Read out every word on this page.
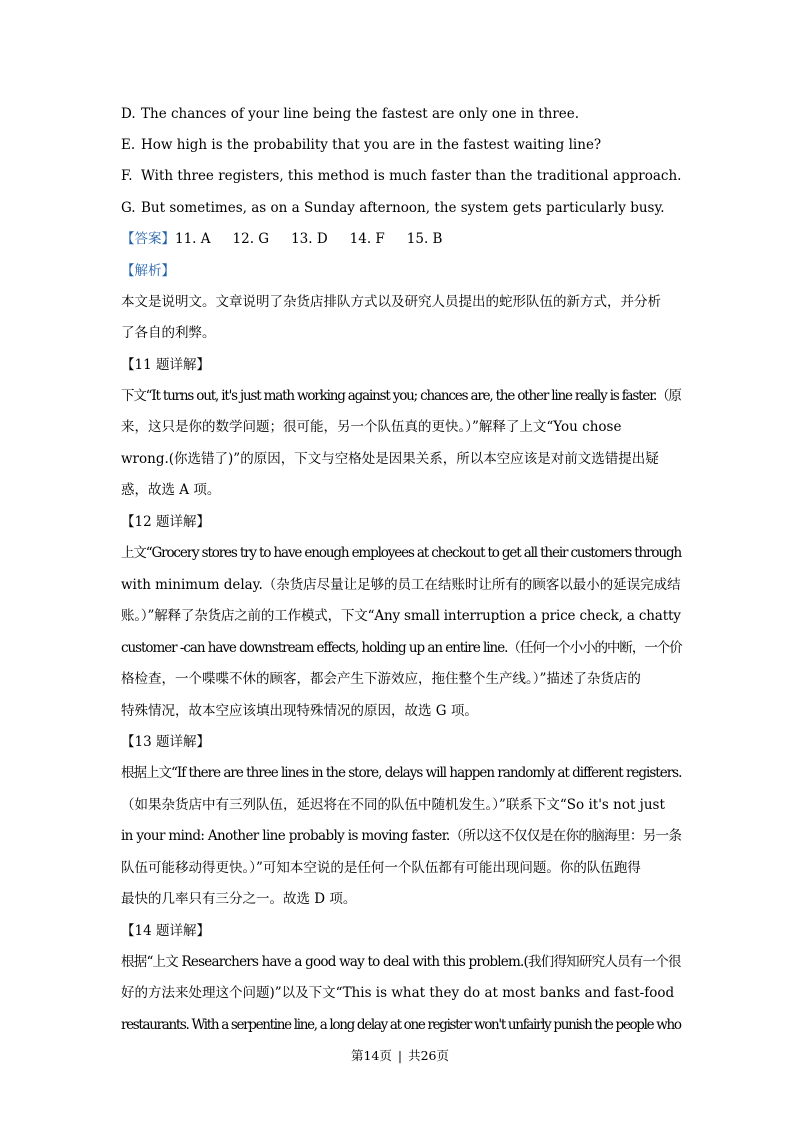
D. The chances of your line being the fastest are only one in three.
E. How high is the probability that you are in the fastest waiting line?
F. With three registers, this method is much faster than the traditional approach.
G. But sometimes, as on a Sunday afternoon, the system gets particularly busy.
【答案】11. A 12. G 13. D 14. F 15. B
【解析】
本文是说明文。文章说明了杂货店排队方式以及研究人员提出的蛇形队伍的新方式，并分析
了各自的利弊。
【11 题详解】
下文“It turns out, it's just math working against you; chances are, the other line really is faster.（原
来，这只是你的数学问题；很可能，另一个队伍真的更快。）”解释了上文“You chose
wrong.(你选错了)”的原因，下文与空格处是因果关系，所以本空应该是对前文选错提出疑
惑，故选 A 项。
【12 题详解】
上文“Grocery stores try to have enough employees at checkout to get all their customers through
with minimum delay.（杂货店尽量让足够的员工在结账时让所有的顾客以最小的延误完成结
账。）”解释了杂货店之前的工作模式，下文“Any small interruption a price check, a chatty
customer -can have downstream effects, holding up an entire line.（任何一个小小的中断，一个价
格检查，一个喋喋不休的顾客，都会产生下游效应，拖住整个生产线。）”描述了杂货店的
特殊情况，故本空应该填出现特殊情况的原因，故选 G 项。
【13 题详解】
根据上文“If there are three lines in the store, delays will happen randomly at different registers.
（如果杂货店中有三列队伍，延迟将在不同的队伍中随机发生。）”联系下文“So it's not just
in your mind: Another line probably is moving faster.（所以这不仅仅是在你的脑海里：另一条
队伍可能移动得更快。）”可知本空说的是任何一个队伍都有可能出现问题。你的队伍跑得
最快的几率只有三分之一。故选 D 项。
【14 题详解】
根据“上文 Researchers have a good way to deal with this problem.(我们得知研究人员有一个很
好的方法来处理这个问题)”以及下文“This is what they do at most banks and fast-food
restaurants. With a serpentine line, a long delay at one register won't unfairly punish the people who
第14页 | 共26页
